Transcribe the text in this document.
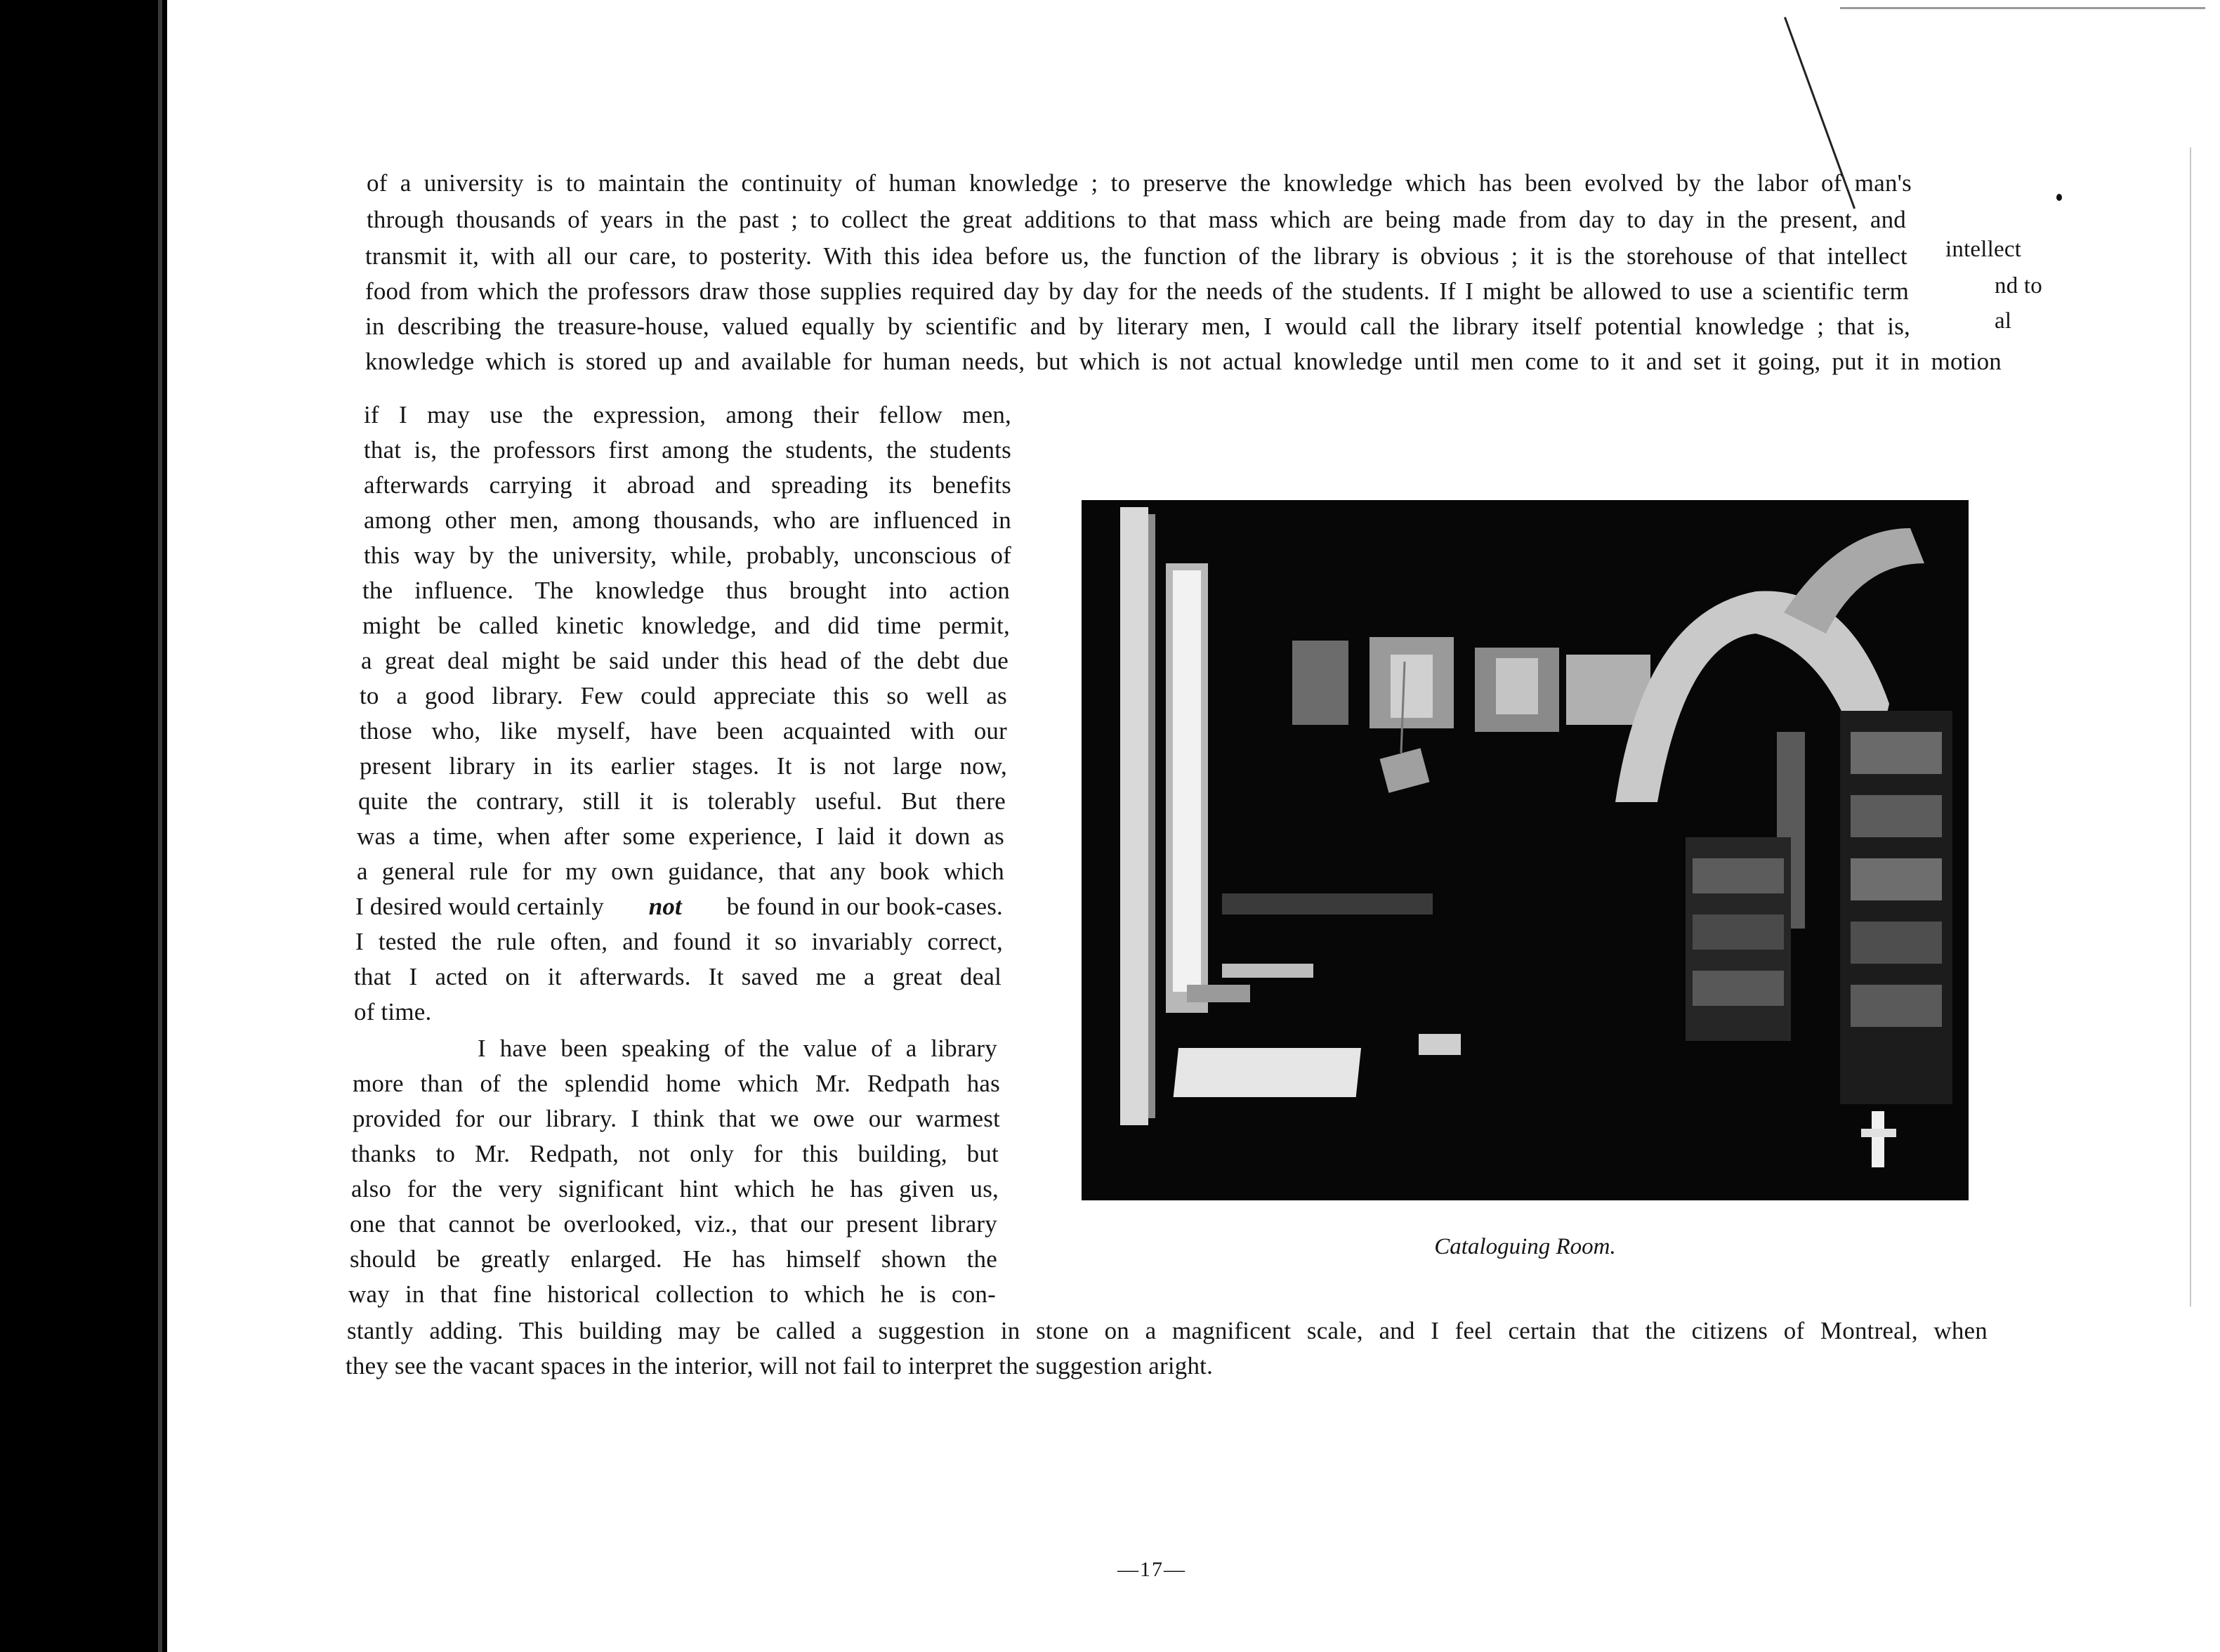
of a university is to maintain the continuity of human knowledge ; to preserve the knowledge which has been evolved by the labor of man's

through thousands of years in the past ; to collect the great additions to that mass which are being made from day to day in the present, and

transmit it, with all our care, to posterity. With this idea before us, the function of the library is obvious ; it is the storehouse of that intellect

food from which the professors draw those supplies required day by day for the needs of the students. If I might be allowed to use a scientific term

in describing the treasure-house, valued equally by scientific and by literary men, I would call the library itself potential knowledge ; that is,

knowledge which is stored up and available for human needs, but which is not actual knowledge until men come to it and set it going, put it in motion

intellect

nd to

al

if I may use the expression, among their fellow men,

that is, the professors first among the students, the students

afterwards carrying it abroad and spreading its benefits

among other men, among thousands, who are influenced in

this way by the university, while, probably, unconscious of

the influence. The knowledge thus brought into action

might be called kinetic knowledge, and did time permit,

a great deal might be said under this head of the debt due

to a good library. Few could appreciate this so well as

those who, like myself, have been acquainted with our

present library in its earlier stages. It is not large now,

quite the contrary, still it is tolerably useful. But there

was a time, when after some experience, I laid it down as

a general rule for my own guidance, that any book which

I desired would certainly not be found in our book-cases.

I tested the rule often, and found it so invariably correct,

that I acted on it afterwards. It saved me a great deal

of time.

I have been speaking of the value of a library

more than of the splendid home which Mr. Redpath has

provided for our library. I think that we owe our warmest

thanks to Mr. Redpath, not only for this building, but

also for the very significant hint which he has given us,

one that cannot be overlooked, viz., that our present library

should be greatly enlarged. He has himself shown the

way in that fine historical collection to which he is con-

stantly adding. This building may be called a suggestion in stone on a magnificent scale, and I feel certain that the citizens of Montreal, when

they see the vacant spaces in the interior, will not fail to interpret the suggestion aright.

Cataloguing Room.

—17—
